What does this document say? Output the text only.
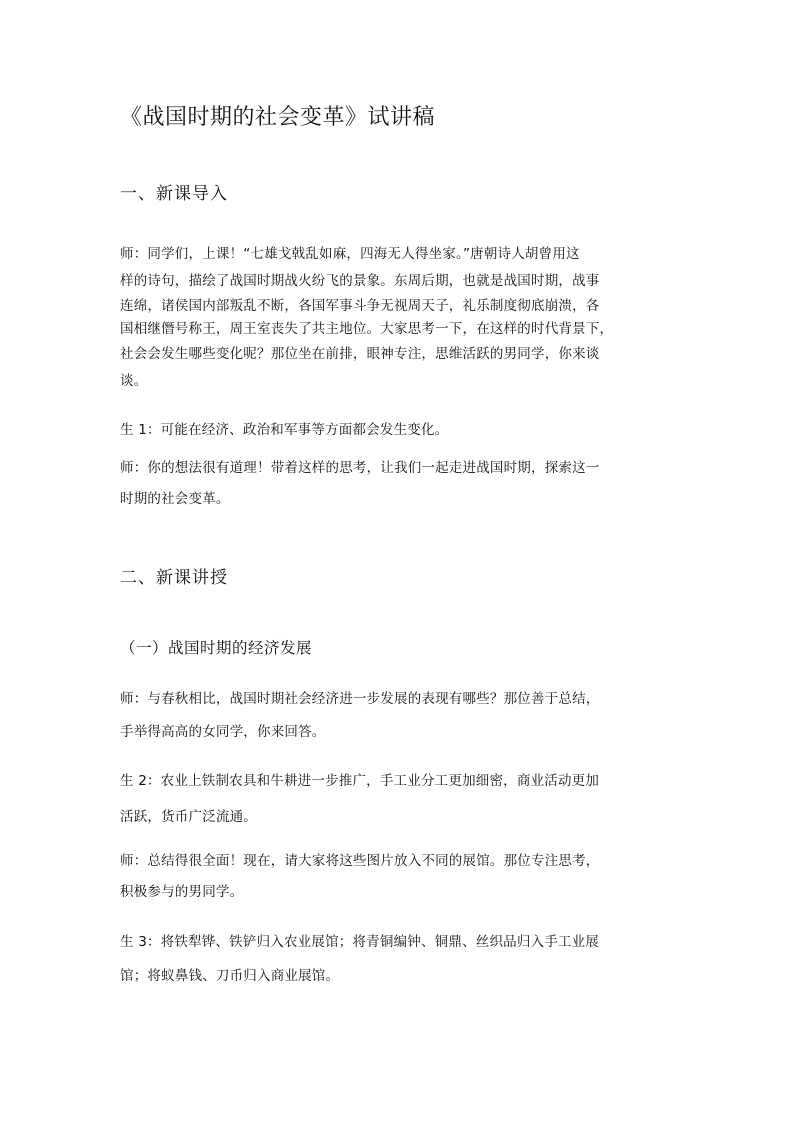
《战国时期的社会变革》试讲稿
一、新课导入
师：同学们，上课！“七雄戈戟乱如麻，四海无人得坐家。”唐朝诗人胡曾用这
样的诗句，描绘了战国时期战火纷飞的景象。东周后期，也就是战国时期，战事
连绵，诸侯国内部叛乱不断，各国军事斗争无视周天子，礼乐制度彻底崩溃，各
国相继僭号称王，周王室丧失了共主地位。大家思考一下，在这样的时代背景下，
社会会发生哪些变化呢？那位坐在前排，眼神专注，思维活跃的男同学，你来谈
谈。
生 1：可能在经济、政治和军事等方面都会发生变化。
师：你的想法很有道理！带着这样的思考，让我们一起走进战国时期，探索这一
时期的社会变革。
二、新课讲授
（一）战国时期的经济发展
师：与春秋相比，战国时期社会经济进一步发展的表现有哪些？那位善于总结，
手举得高高的女同学，你来回答。
生 2：农业上铁制农具和牛耕进一步推广，手工业分工更加细密，商业活动更加
活跃，货币广泛流通。
师：总结得很全面！现在，请大家将这些图片放入不同的展馆。那位专注思考，
积极参与的男同学。
生 3：将铁犁铧、铁铲归入农业展馆；将青铜编钟、铜鼎、丝织品归入手工业展
馆；将蚁鼻钱、刀币归入商业展馆。
